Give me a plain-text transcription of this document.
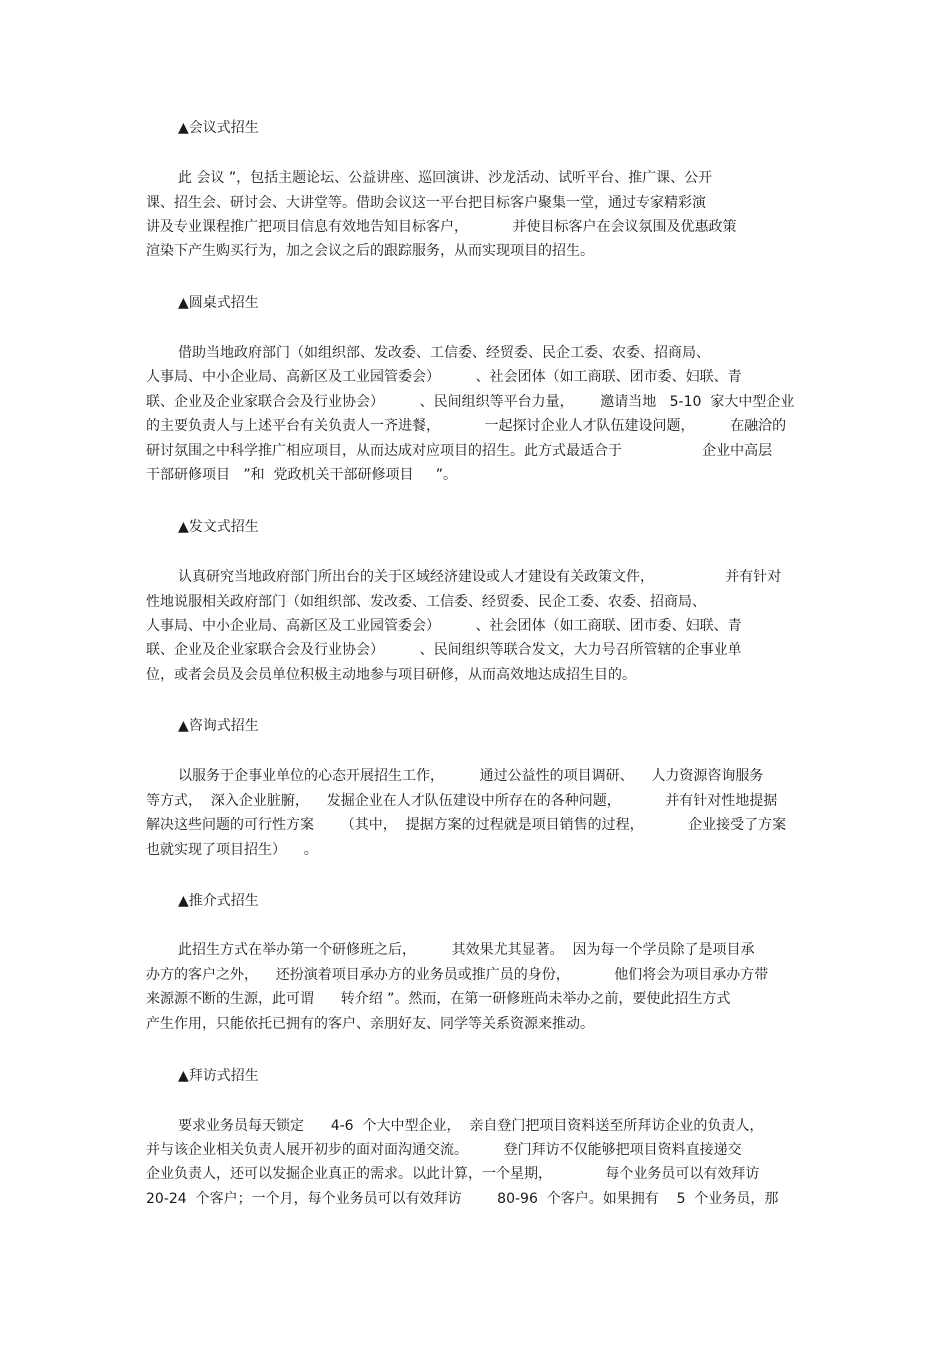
▲会议式招生
此 会议 ”，包括主题论坛、公益讲座、巡回演讲、沙龙活动、试听平台、推广课、公开
课、招生会、研讨会、大讲堂等。借助会议这一平台把目标客户聚集一堂，通过专家精彩演
讲及专业课程推广把项目信息有效地告知目标客户，          并使目标客户在会议氛围及优惠政策
渲染下产生购买行为，加之会议之后的跟踪服务，从而实现项目的招生。
▲圆桌式招生
借助当地政府部门（如组织部、发改委、工信委、经贸委、民企工委、农委、招商局、
人事局、中小企业局、高新区及工业园管委会）        、社会团体（如工商联、团市委、妇联、青
联、企业及企业家联合会及行业协会）        、民间组织等平台力量，      邀请当地   5-10  家大中型企业
的主要负责人与上述平台有关负责人一齐进餐，          一起探讨企业人才队伍建设问题，        在融洽的
研讨氛围之中科学推广相应项目，从而达成对应项目的招生。此方式最适合于                  企业中高层
干部研修项目   ”和  党政机关干部研修项目     ”。
▲发文式招生
认真研究当地政府部门所出台的关于区域经济建设或人才建设有关政策文件，                并有针对
性地说服相关政府部门（如组织部、发改委、工信委、经贸委、民企工委、农委、招商局、
人事局、中小企业局、高新区及工业园管委会）        、社会团体（如工商联、团市委、妇联、青
联、企业及企业家联合会及行业协会）        、民间组织等联合发文，大力号召所管辖的企事业单
位，或者会员及会员单位积极主动地参与项目研修，从而高效地达成招生目的。
▲咨询式招生
以服务于企事业单位的心态开展招生工作，        通过公益性的项目调研、    人力资源咨询服务
等方式，  深入企业脏腑，    发掘企业在人才队伍建设中所存在的各种问题，          并有针对性地提据
解决这些问题的可行性方案      （其中，  提据方案的过程就是项目销售的过程，          企业接受了方案
也就实现了项目招生）    。
▲推介式招生
此招生方式在举办第一个研修班之后，        其效果尤其显著。  因为每一个学员除了是项目承
办方的客户之外，    还扮演着项目承办方的业务员或推广员的身份，          他们将会为项目承办方带
来源源不断的生源，此可谓      转介绍 ”。然而，在第一研修班尚未举办之前，要使此招生方式
产生作用，只能依托已拥有的客户、亲朋好友、同学等关系资源来推动。
▲拜访式招生
要求业务员每天锁定      4-6  个大中型企业，  亲自登门把项目资料送至所拜访企业的负责人，
并与该企业相关负责人展开初步的面对面沟通交流。        登门拜访不仅能够把项目资料直接递交
企业负责人，还可以发掘企业真正的需求。以此计算，一个星期，            每个业务员可以有效拜访
20-24  个客户；一个月，每个业务员可以有效拜访        80-96  个客户。如果拥有    5  个业务员，那
